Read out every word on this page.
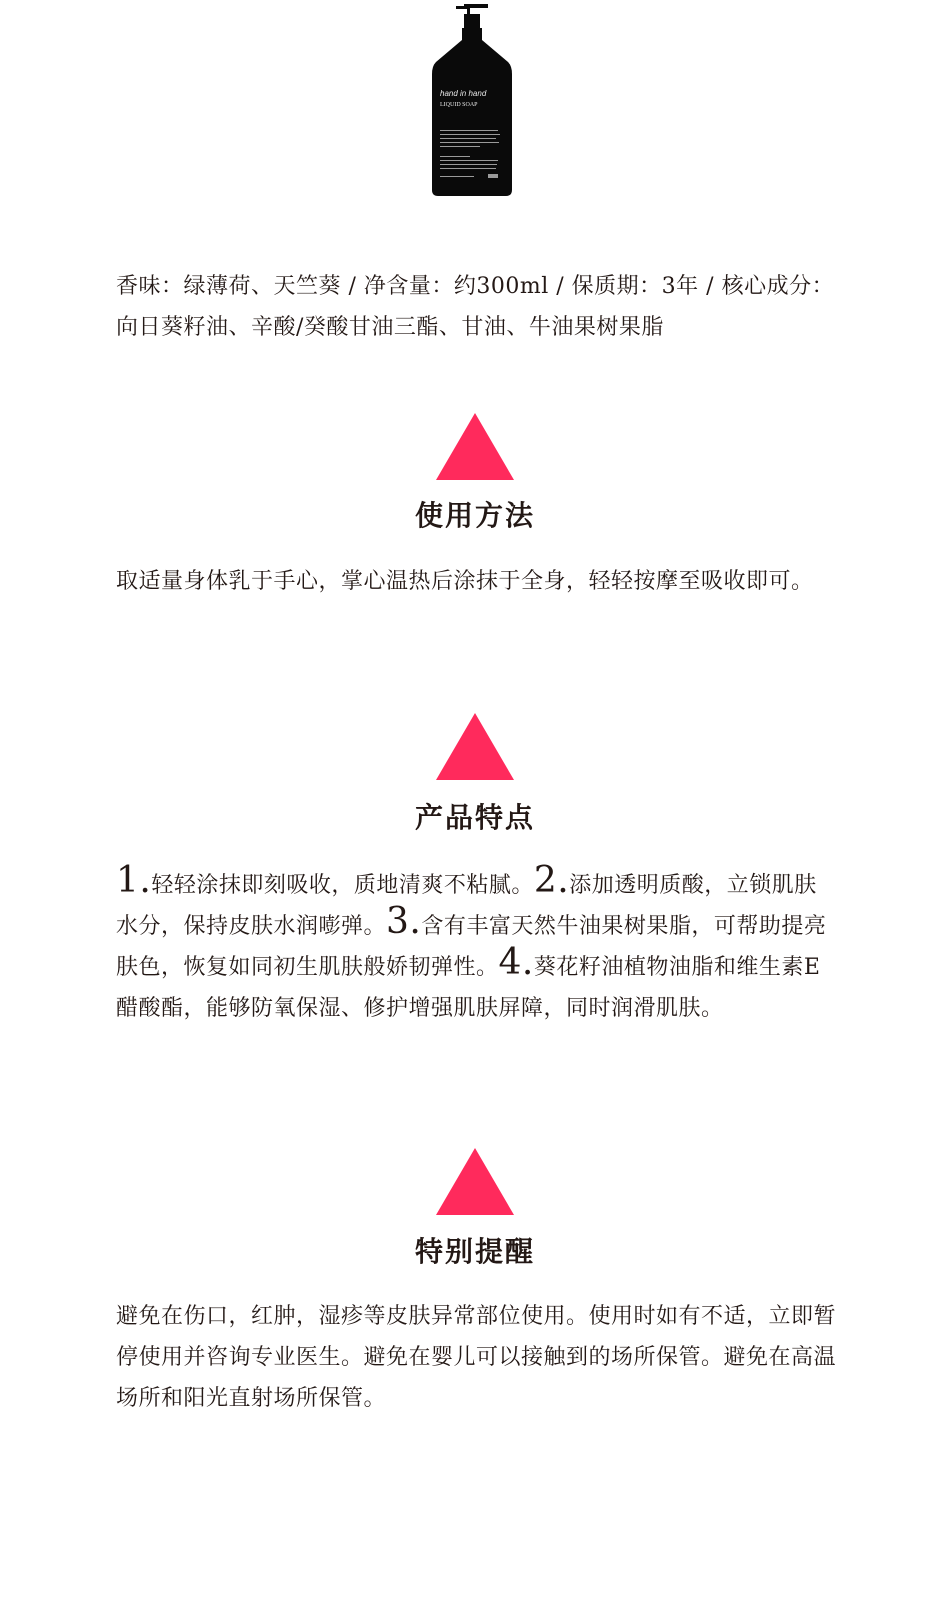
hand in hand
LIQUID SOAP

香味：绿薄荷、天竺葵 / 净含量：约300ml / 保质期：3年 / 核心成分：向日葵籽油、辛酸/癸酸甘油三酯、甘油、牛油果树果脂

使用方法

取适量身体乳于手心，掌心温热后涂抹于全身，轻轻按摩至吸收即可。

产品特点

1.轻轻涂抹即刻吸收，质地清爽不粘腻。2.添加透明质酸，立锁肌肤水分，保持皮肤水润嘭弹。3.含有丰富天然牛油果树果脂，可帮助提亮肤色，恢复如同初生肌肤般娇韧弹性。4.葵花籽油植物油脂和维生素E醋酸酯，能够防氧保湿、修护增强肌肤屏障，同时润滑肌肤。

特别提醒

避免在伤口，红肿，湿疹等皮肤异常部位使用。使用时如有不适，立即暂停使用并咨询专业医生。避免在婴儿可以接触到的场所保管。避免在高温场所和阳光直射场所保管。
